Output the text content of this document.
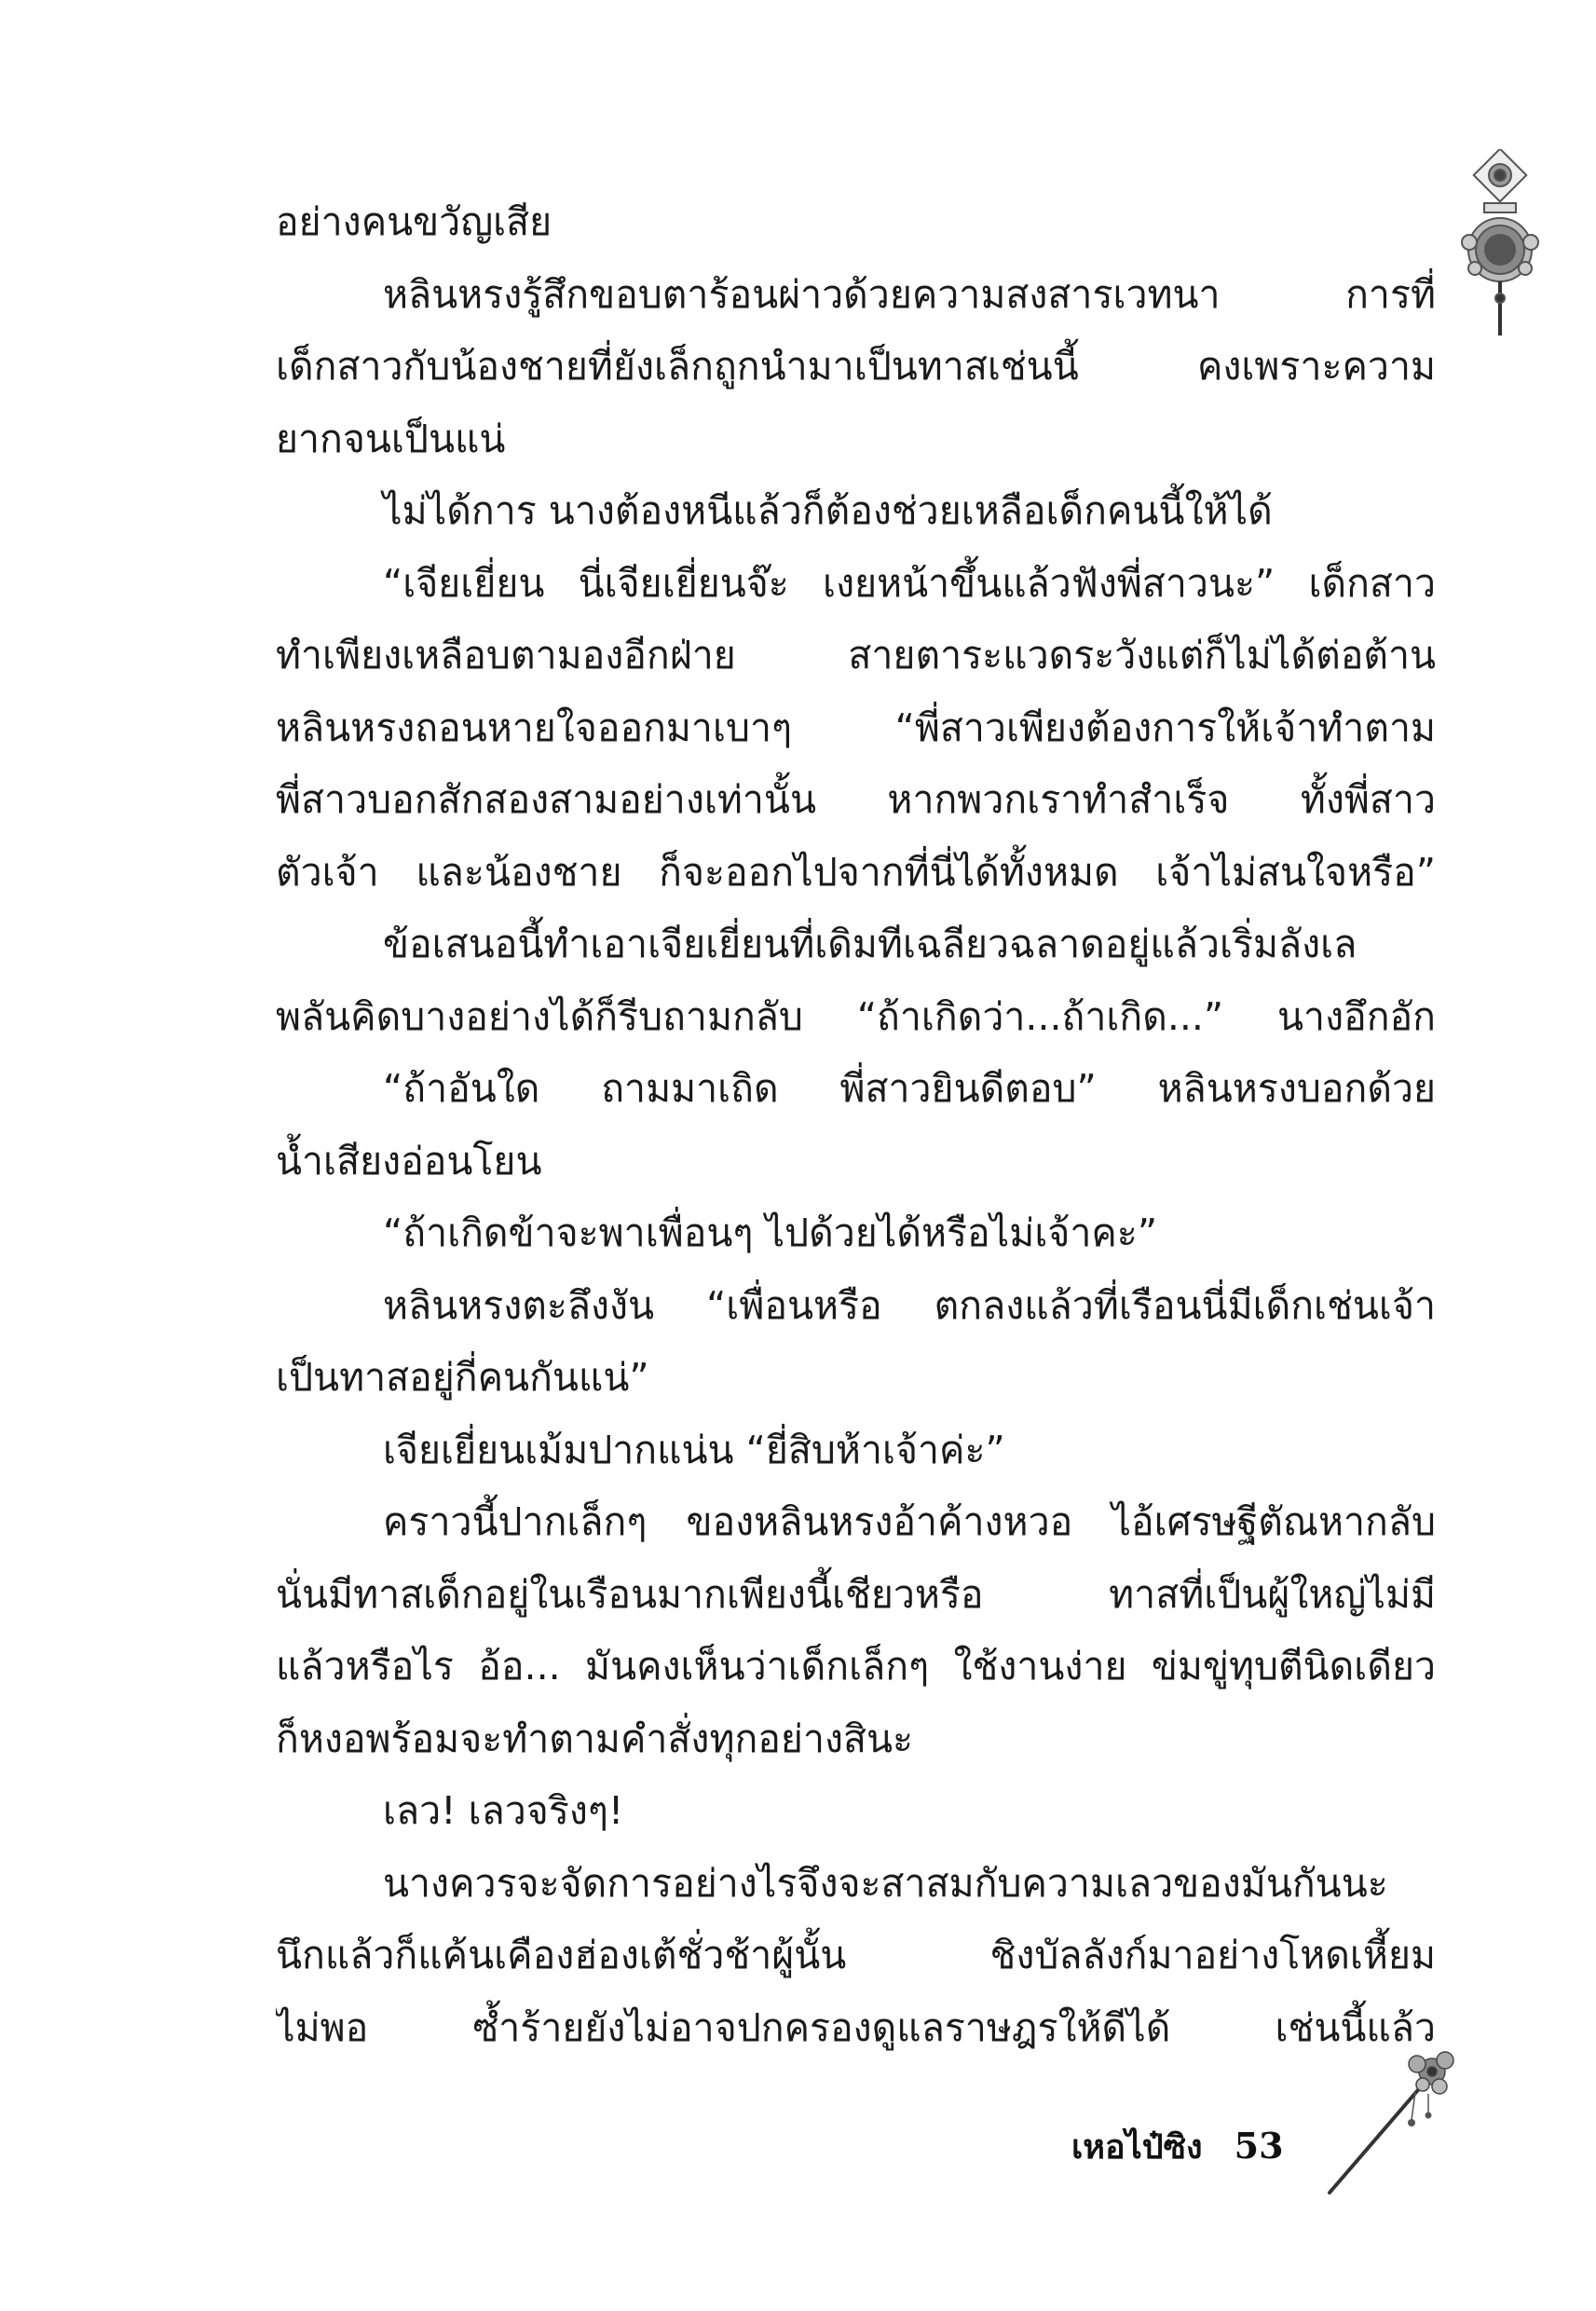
อย่างคนขวัญเสีย
หลินหรงรู้สึกขอบตาร้อนผ่าวด้วยความสงสารเวทนา การที่
เด็กสาวกับน้องชายที่ยังเล็กถูกนำมาเป็นทาสเช่นนี้ คงเพราะความ
ยากจนเป็นแน่
ไม่ได้การ นางต้องหนีแล้วก็ต้องช่วยเหลือเด็กคนนี้ให้ได้
“เจียเยี่ยน นี่เจียเยี่ยนจ๊ะ เงยหน้าขึ้นแล้วฟังพี่สาวนะ” เด็กสาว
ทำเพียงเหลือบตามองอีกฝ่าย สายตาระแวดระวังแต่ก็ไม่ได้ต่อต้าน
หลินหรงถอนหายใจออกมาเบาๆ “พี่สาวเพียงต้องการให้เจ้าทำตาม
พี่สาวบอกสักสองสามอย่างเท่านั้น หากพวกเราทำสำเร็จ ทั้งพี่สาว
ตัวเจ้า และน้องชาย ก็จะออกไปจากที่นี่ได้ทั้งหมด เจ้าไม่สนใจหรือ”
ข้อเสนอนี้ทำเอาเจียเยี่ยนที่เดิมทีเฉลียวฉลาดอยู่แล้วเริ่มลังเล
พลันคิดบางอย่างได้ก็รีบถามกลับ “ถ้าเกิดว่า...ถ้าเกิด...” นางอึกอัก
“ถ้าอันใด ถามมาเถิด พี่สาวยินดีตอบ” หลินหรงบอกด้วย
น้ำเสียงอ่อนโยน
“ถ้าเกิดข้าจะพาเพื่อนๆ ไปด้วยได้หรือไม่เจ้าคะ”
หลินหรงตะลึงงัน “เพื่อนหรือ ตกลงแล้วที่เรือนนี่มีเด็กเช่นเจ้า
เป็นทาสอยู่กี่คนกันแน่”
เจียเยี่ยนเม้มปากแน่น “ยี่สิบห้าเจ้าค่ะ”
คราวนี้ปากเล็กๆ ของหลินหรงอ้าค้างหวอ ไอ้เศรษฐีตัณหากลับ
นั่นมีทาสเด็กอยู่ในเรือนมากเพียงนี้เชียวหรือ ทาสที่เป็นผู้ใหญ่ไม่มี
แล้วหรือไร อ้อ... มันคงเห็นว่าเด็กเล็กๆ ใช้งานง่าย ข่มขู่ทุบตีนิดเดียว
ก็หงอพร้อมจะทำตามคำสั่งทุกอย่างสินะ
เลว! เลวจริงๆ!
นางควรจะจัดการอย่างไรจึงจะสาสมกับความเลวของมันกันนะ
นึกแล้วก็แค้นเคืองฮ่องเต้ชั่วช้าผู้นั้น ชิงบัลลังก์มาอย่างโหดเหี้ยม
ไม่พอ ซ้ำร้ายยังไม่อาจปกครองดูแลราษฎรให้ดีได้ เช่นนี้แล้ว
เหอไป๋ซิง 53
